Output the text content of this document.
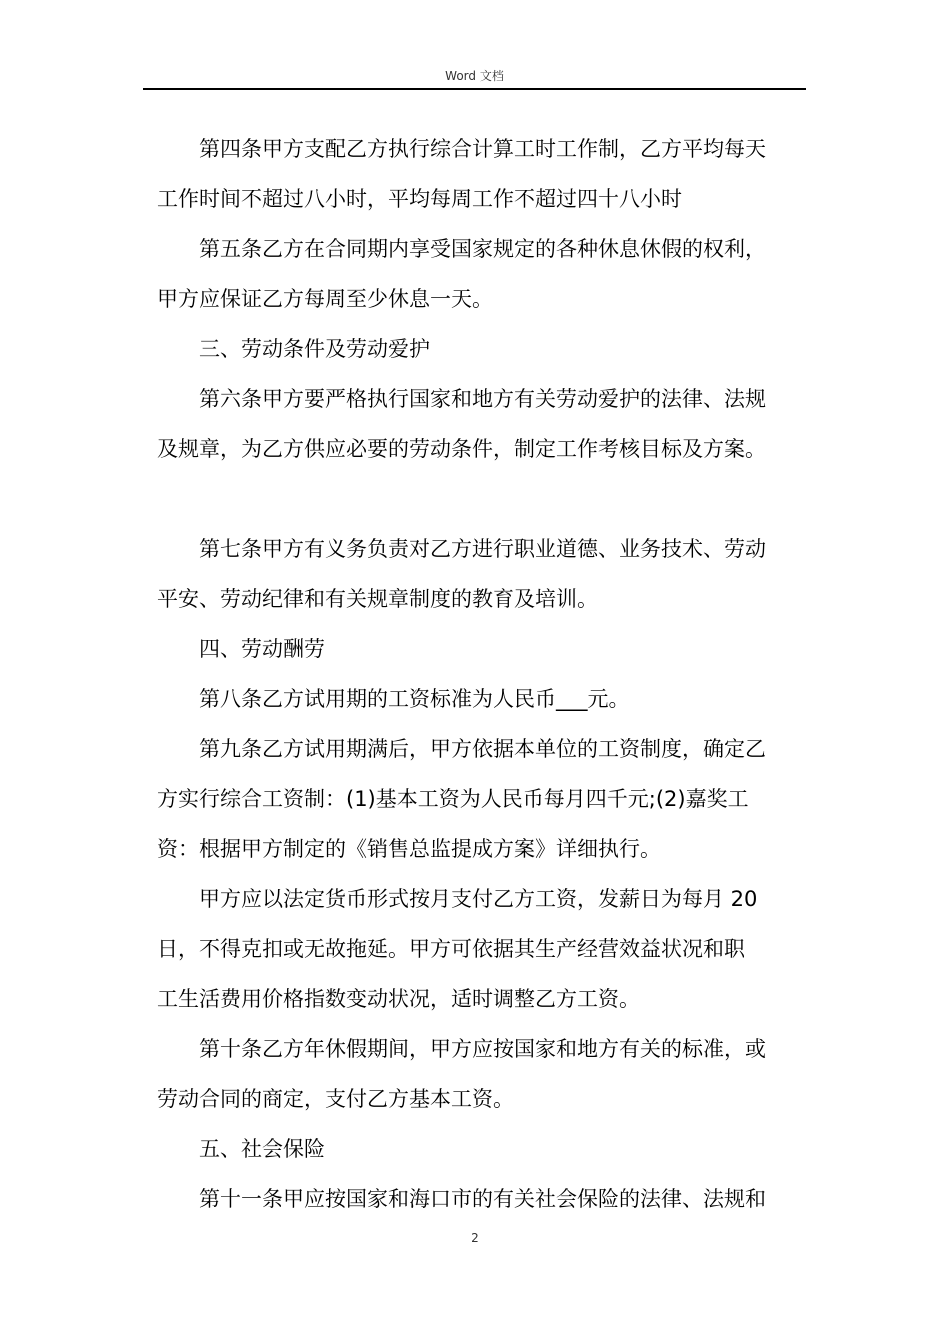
Word 文档

第四条甲方支配乙方执行综合计算工时工作制，乙方平均每天
工作时间不超过八小时，平均每周工作不超过四十八小时

第五条乙方在合同期内享受国家规定的各种休息休假的权利，
甲方应保证乙方每周至少休息一天。

三、劳动条件及劳动爱护

第六条甲方要严格执行国家和地方有关劳动爱护的法律、法规
及规章，为乙方供应必要的劳动条件，制定工作考核目标及方案。

第七条甲方有义务负责对乙方进行职业道德、业务技术、劳动
平安、劳动纪律和有关规章制度的教育及培训。

四、劳动酬劳

第八条乙方试用期的工资标准为人民币___元。

第九条乙方试用期满后，甲方依据本单位的工资制度，确定乙
方实行综合工资制：(1)基本工资为人民币每月四千元;(2)嘉奖工
资：根据甲方制定的《销售总监提成方案》详细执行。

甲方应以法定货币形式按月支付乙方工资，发薪日为每月 20
日，不得克扣或无故拖延。甲方可依据其生产经营效益状况和职
工生活费用价格指数变动状况，适时调整乙方工资。

第十条乙方年休假期间，甲方应按国家和地方有关的标准，或
劳动合同的商定，支付乙方基本工资。

五、社会保险

第十一条甲应按国家和海口市的有关社会保险的法律、法规和

2
